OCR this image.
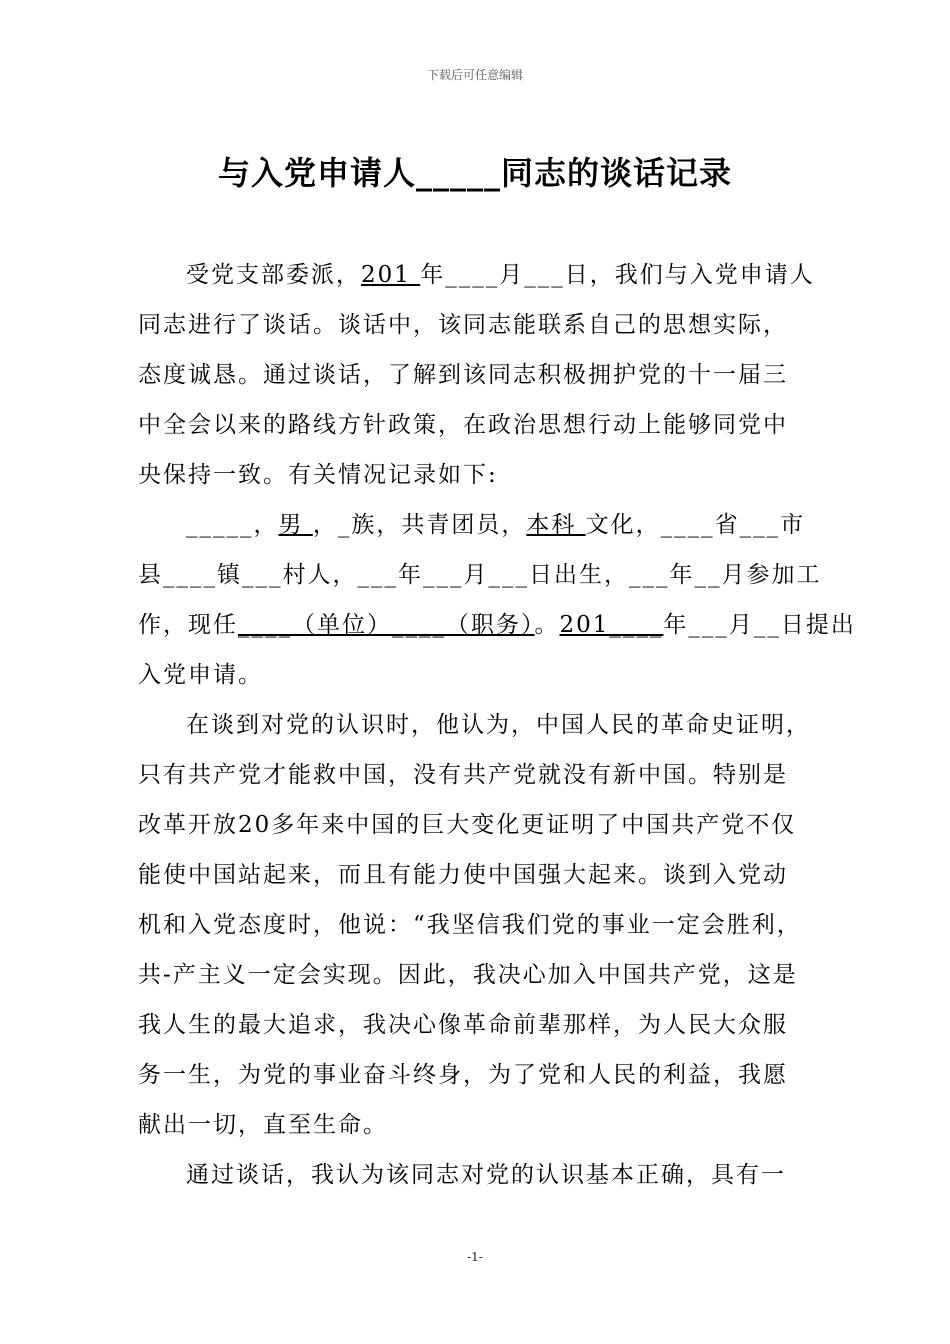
下载后可任意编辑
与入党申请人_____同志的谈话记录
受党支部委派，201 年____月___日，我们与入党申请人
同志进行了谈话。谈话中，该同志能联系自己的思想实际，
态度诚恳。通过谈话，了解到该同志积极拥护党的十一届三
中全会以来的路线方针政策，在政治思想行动上能够同党中
央保持一致。有关情况记录如下:
_____，男 ，_族，共青团员，本科 文化，____省___市
县____镇___村人，___年___月___日出生，___年__月参加工
作，现任____（单位）____（职务）。201____年___月__日提出
入党申请。
在谈到对党的认识时，他认为，中国人民的革命史证明，
只有共产党才能救中国，没有共产党就没有新中国。特别是
改革开放20多年来中国的巨大变化更证明了中国共产党不仅
能使中国站起来，而且有能力使中国强大起来。谈到入党动
机和入党态度时，他说：“我坚信我们党的事业一定会胜利，
共-产主义一定会实现。因此，我决心加入中国共产党，这是
我人生的最大追求，我决心像革命前辈那样，为人民大众服
务一生，为党的事业奋斗终身，为了党和人民的利益，我愿
献出一切，直至生命。
通过谈话，我认为该同志对党的认识基本正确，具有一
-1-
